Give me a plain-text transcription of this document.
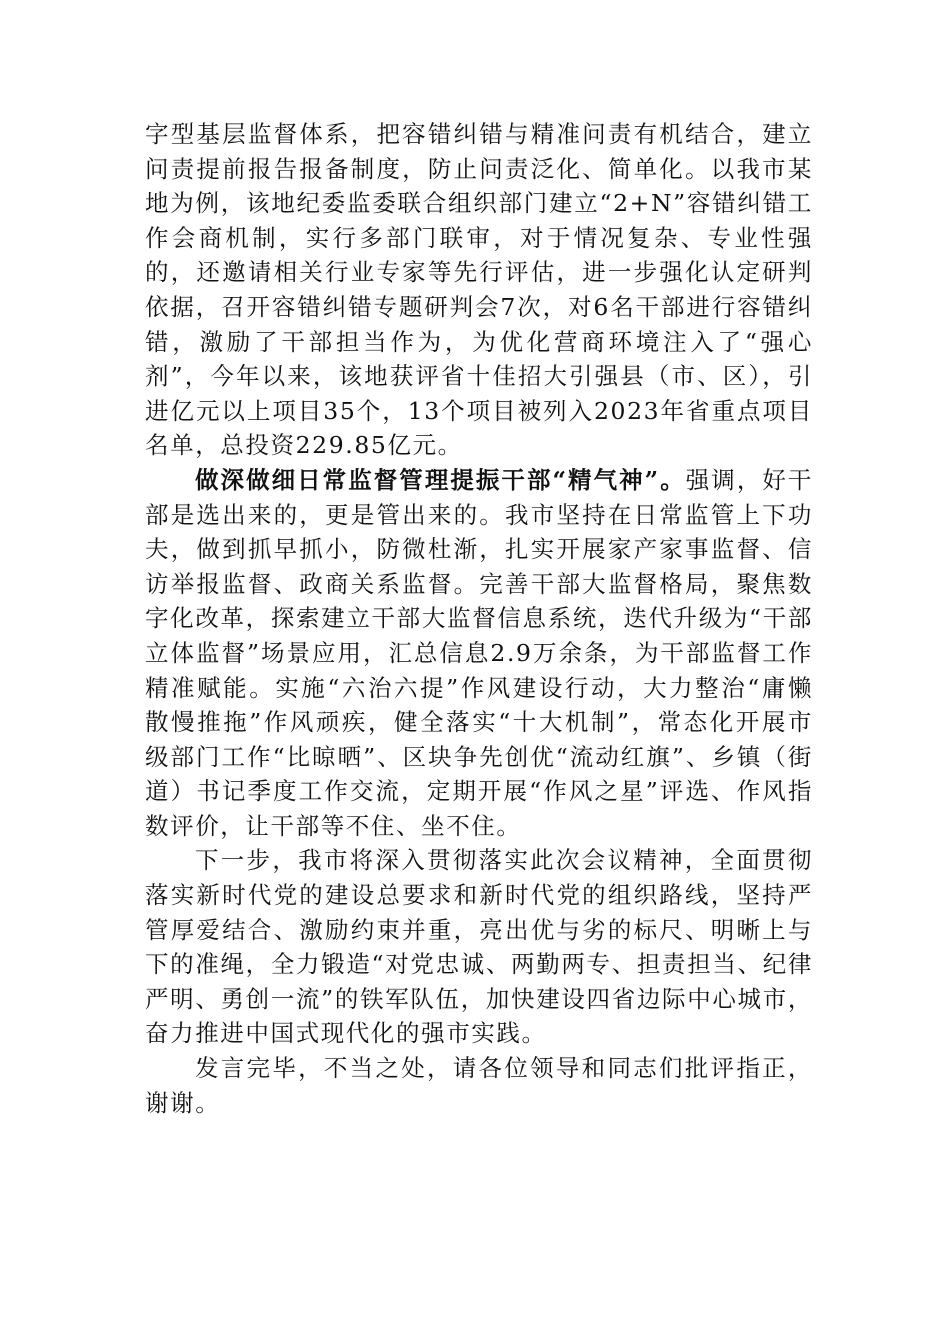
字型基层监督体系，把容错纠错与精准问责有机结合，建立问责提前报告报备制度，防止问责泛化、简单化。以我市某地为例，该地纪委监委联合组织部门建立“2+N”容错纠错工作会商机制，实行多部门联审，对于情况复杂、专业性强的，还邀请相关行业专家等先行评估，进一步强化认定研判依据，召开容错纠错专题研判会7次，对6名干部进行容错纠错，激励了干部担当作为，为优化营商环境注入了“强心剂”，今年以来，该地获评省十佳招大引强县（市、区），引进亿元以上项目35个，13个项目被列入2023年省重点项目名单，总投资229.85亿元。

做深做细日常监督管理提振干部“精气神”。强调，好干部是选出来的，更是管出来的。我市坚持在日常监管上下功夫，做到抓早抓小，防微杜渐，扎实开展家产家事监督、信访举报监督、政商关系监督。完善干部大监督格局，聚焦数字化改革，探索建立干部大监督信息系统，迭代升级为“干部立体监督”场景应用，汇总信息2.9万余条，为干部监督工作精准赋能。实施“六治六提”作风建设行动，大力整治“庸懒散慢推拖”作风顽疾，健全落实“十大机制”，常态化开展市级部门工作“比晾晒”、区块争先创优“流动红旗”、乡镇（街道）书记季度工作交流，定期开展“作风之星”评选、作风指数评价，让干部等不住、坐不住。

下一步，我市将深入贯彻落实此次会议精神，全面贯彻落实新时代党的建设总要求和新时代党的组织路线，坚持严管厚爱结合、激励约束并重，亮出优与劣的标尺、明晰上与下的准绳，全力锻造“对党忠诚、两勤两专、担责担当、纪律严明、勇创一流”的铁军队伍，加快建设四省边际中心城市，奋力推进中国式现代化的强市实践。

发言完毕，不当之处，请各位领导和同志们批评指正，谢谢。
